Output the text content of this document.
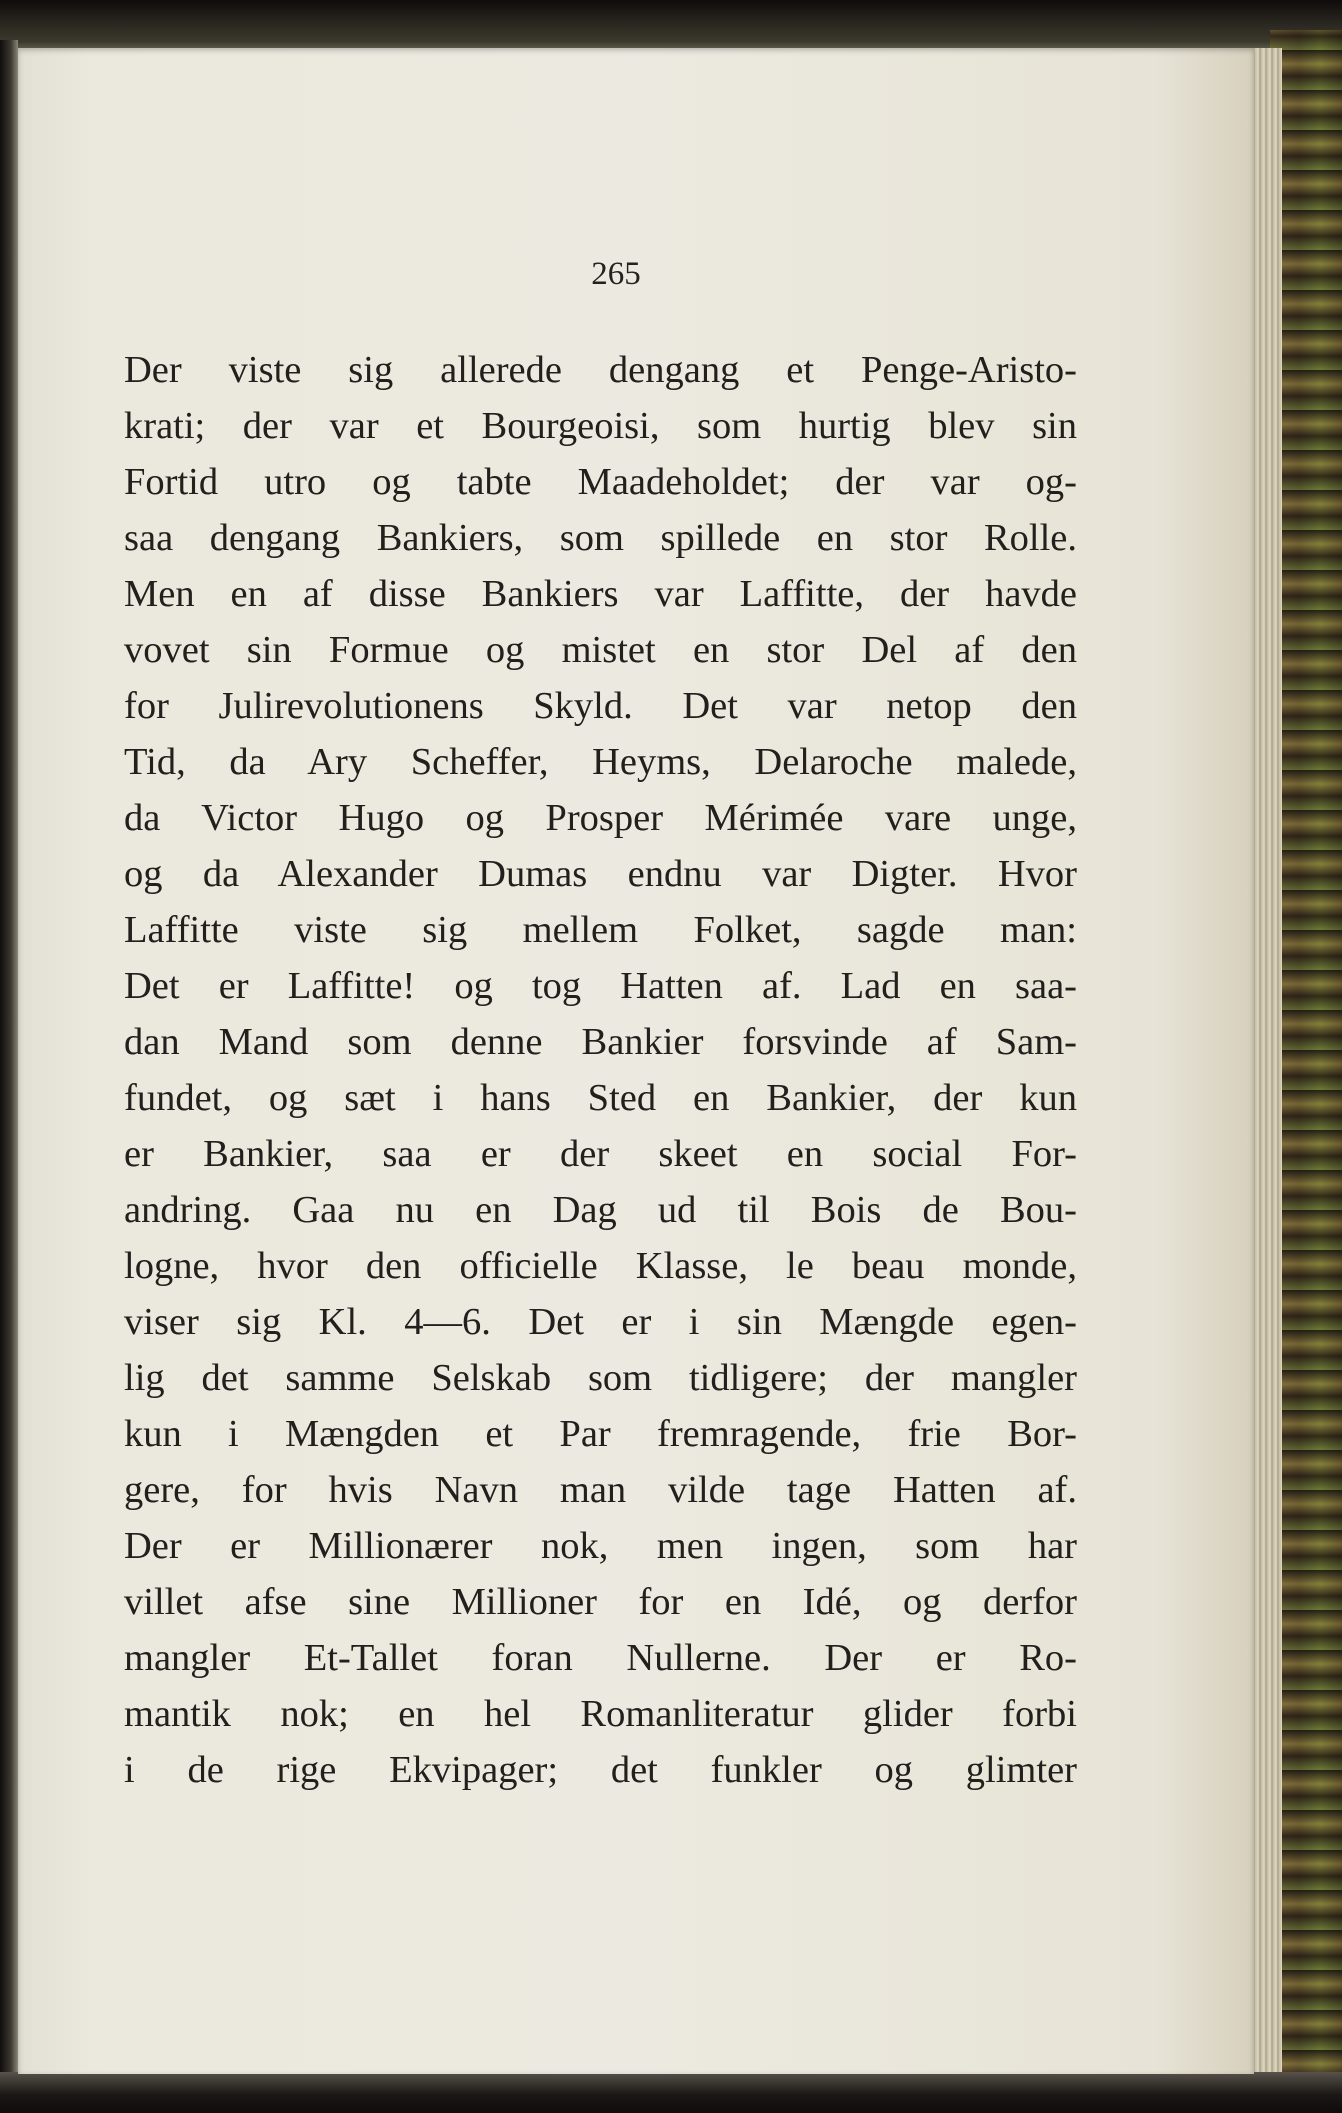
265
Der viste sig allerede dengang et Penge-Aristo-
krati; der var et Bourgeoisi, som hurtig blev sin
Fortid utro og tabte Maadeholdet; der var og-
saa dengang Bankiers, som spillede en stor Rolle.
Men en af disse Bankiers var Laffitte, der havde
vovet sin Formue og mistet en stor Del af den
for Julirevolutionens Skyld. Det var netop den
Tid, da Ary Scheffer, Heyms, Delaroche malede,
da Victor Hugo og Prosper Mérimée vare unge,
og da Alexander Dumas endnu var Digter. Hvor
Laffitte viste sig mellem Folket, sagde man:
Det er Laffitte! og tog Hatten af. Lad en saa-
dan Mand som denne Bankier forsvinde af Sam-
fundet, og sæt i hans Sted en Bankier, der kun
er Bankier, saa er der skeet en social For-
andring. Gaa nu en Dag ud til Bois de Bou-
logne, hvor den officielle Klasse, le beau monde,
viser sig Kl. 4—6. Det er i sin Mængde egen-
lig det samme Selskab som tidligere; der mangler
kun i Mængden et Par fremragende, frie Bor-
gere, for hvis Navn man vilde tage Hatten af.
Der er Millionærer nok, men ingen, som har
villet afse sine Millioner for en Idé, og derfor
mangler Et-Tallet foran Nullerne. Der er Ro-
mantik nok; en hel Romanliteratur glider forbi
i de rige Ekvipager; det funkler og glimter
